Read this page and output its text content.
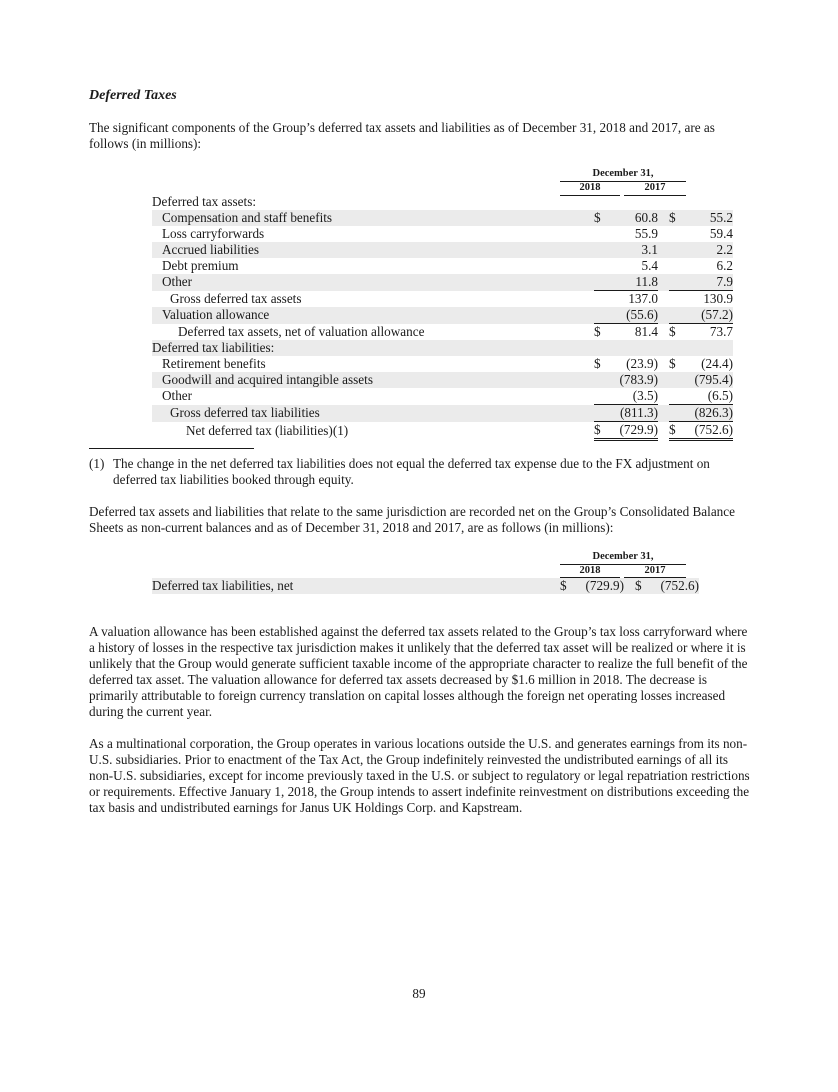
Deferred Taxes
The significant components of the Group’s deferred tax assets and liabilities as of December 31, 2018 and 2017, are as follows (in millions):
December 31,
2018	2017
Deferred tax assets:						
Compensation and staff benefits		$	60.8		$	55.2
Loss carryforwards			55.9			59.4
Accrued liabilities			3.1			2.2
Debt premium			5.4			6.2
Other			11.8			7.9
Gross deferred tax assets			137.0			130.9
Valuation allowance			(55.6)			(57.2)
Deferred tax assets, net of valuation allowance		$	81.4		$	73.7
Deferred tax liabilities:						
Retirement benefits		$	(23.9)		$	(24.4)
Goodwill and acquired intangible assets			(783.9)			(795.4)
Other			(3.5)			(6.5)
Gross deferred tax liabilities			(811.3)			(826.3)
Net deferred tax (liabilities)(1)		$	(729.9)		$	(752.6)
(1) The change in the net deferred tax liabilities does not equal the deferred tax expense due to the FX adjustment on deferred tax liabilities booked through equity.
Deferred tax assets and liabilities that relate to the same jurisdiction are recorded net on the Group’s Consolidated Balance Sheets as non-current balances and as of December 31, 2018 and 2017, are as follows (in millions):
December 31,
2018	2017
Deferred tax liabilities, net		$	(729.9)		$	(752.6)
A valuation allowance has been established against the deferred tax assets related to the Group’s tax loss carryforward where a history of losses in the respective tax jurisdiction makes it unlikely that the deferred tax asset will be realized or where it is unlikely that the Group would generate sufficient taxable income of the appropriate character to realize the full benefit of the deferred tax asset. The valuation allowance for deferred tax assets decreased by $1.6 million in 2018. The decrease is primarily attributable to foreign currency translation on capital losses although the foreign net operating losses increased during the current year.
As a multinational corporation, the Group operates in various locations outside the U.S. and generates earnings from its non-U.S. subsidiaries. Prior to enactment of the Tax Act, the Group indefinitely reinvested the undistributed earnings of all its non-U.S. subsidiaries, except for income previously taxed in the U.S. or subject to regulatory or legal repatriation restrictions or requirements. Effective January 1, 2018, the Group intends to assert indefinite reinvestment on distributions exceeding the tax basis and undistributed earnings for Janus UK Holdings Corp. and Kapstream.
89
